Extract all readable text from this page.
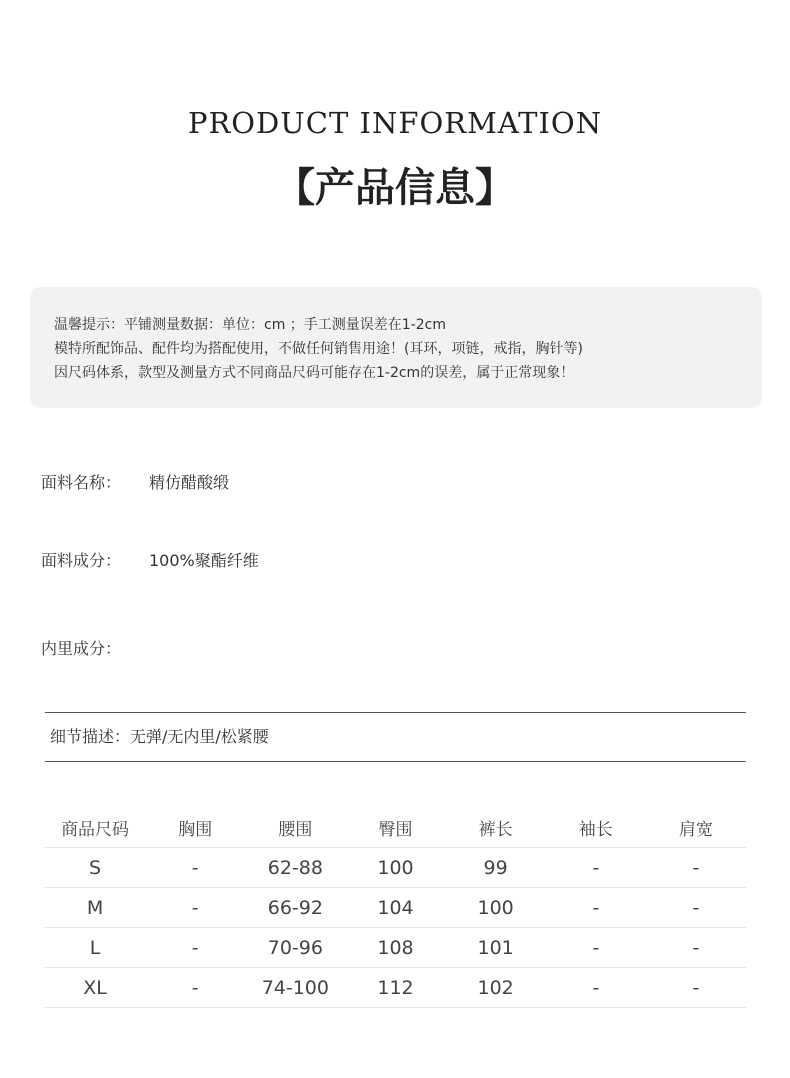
PRODUCT INFORMATION
【产品信息】
温馨提示：平铺测量数据：单位：cm ；手工测量误差在1-2cm
模特所配饰品、配件均为搭配使用，不做任何销售用途！(耳环，项链，戒指，胸针等)
因尺码体系，款型及测量方式不同商品尺码可能存在1-2cm的误差，属于正常现象！
面料名称： 精仿醋酸缎
面料成分： 100%聚酯纤维
内里成分：
细节描述：无弹/无内里/松紧腰
商品尺码	胸围	腰围	臀围	裤长	袖长	肩宽
S	-	62-88	100	99	-	-
M	-	66-92	104	100	-	-
L	-	70-96	108	101	-	-
XL	-	74-100	112	102	-	-
